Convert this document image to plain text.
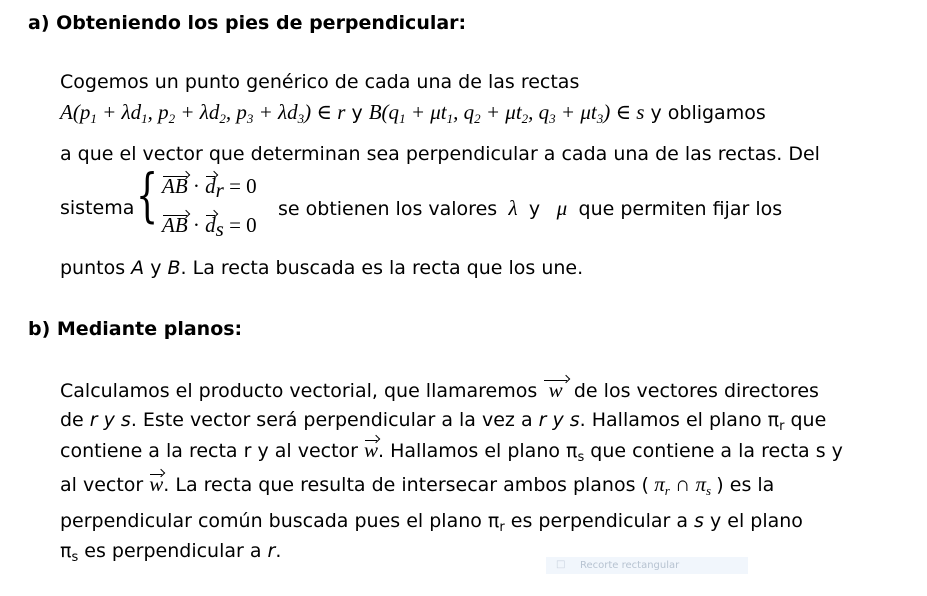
a) Obteniendo los pies de perpendicular:
Cogemos un punto genérico de cada una de las rectas
$A(p_1 + \lambda d_1$, $p_2 + \lambda d_2$, $p_3 + \lambda d_3$) ∈ r y $B(q_1 + \mu t_1$, $q_2 + \mu t_2$, $q_3 + \mu t_3$) ∈ s y obligamos
a que el vector que determinan sea perpendicular a cada una de las rectas. Del
sistema { AB · $d_r = 0$
AB · $d_s = 0$
se obtienen los valores  λ  y   μ  que permiten fijar los
puntos A y B. La recta buscada es la recta que los une.
b) Mediante planos:
Calculamos el producto vectorial, que llamaremos  w  de los vectores directores
de r y s. Este vector será perpendicular a la vez a r y s. Hallamos el plano $\pi_r$ que
contiene a la recta r y al vector w. Hallamos el plano $\pi_s$ que contiene a la recta s y
al vector w. La recta que resulta de intersecar ambos planos ( $\pi_r$ ∩ $\pi_s$ ) es la
perpendicular común buscada pues el plano $\pi_r$ es perpendicular a s y el plano
$\pi_s$ es perpendicular a r.
□ Recorte rectangular
